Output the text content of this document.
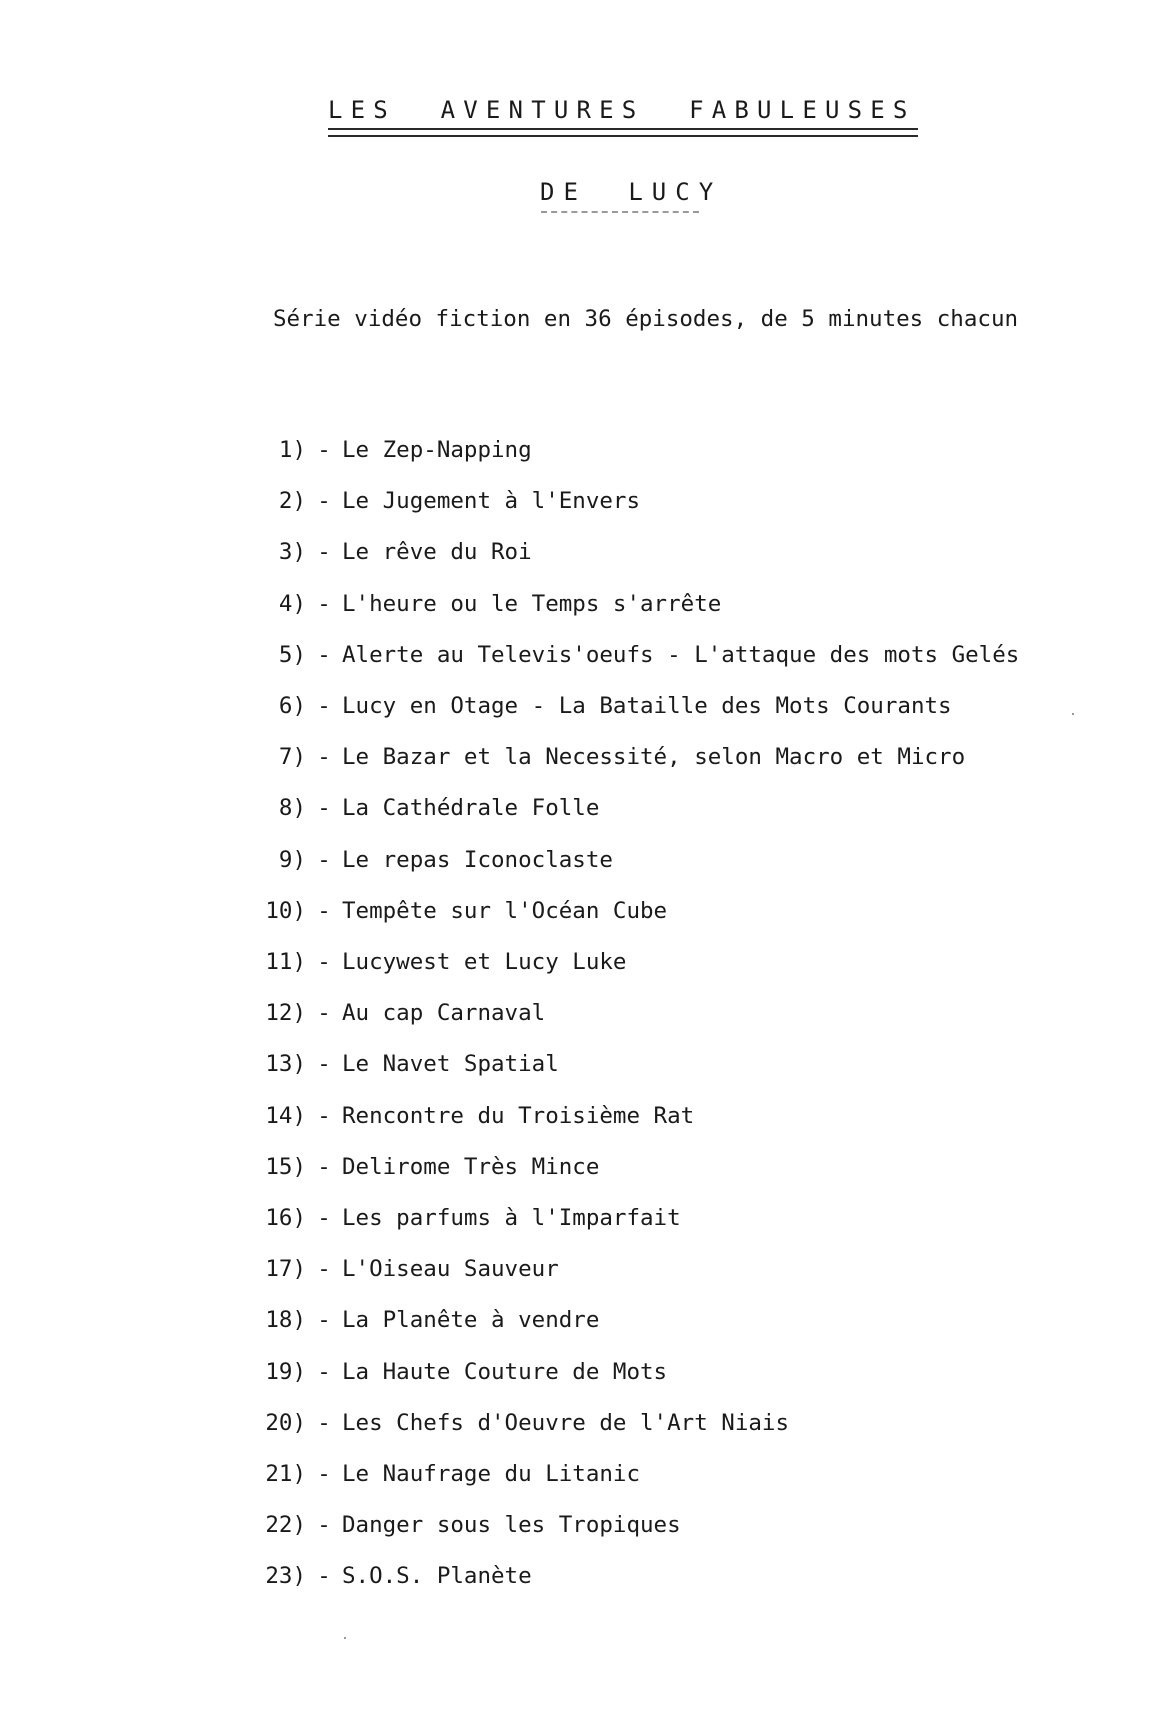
LES AVENTURES FABULEUSES
DE LUCY
Série vidéo fiction en 36 épisodes, de 5 minutes chacun
1) - Le Zep-Napping
2) - Le Jugement à l'Envers
3) - Le rêve du Roi
4) - L'heure ou le Temps s'arrête
5) - Alerte au Televis'oeufs - L'attaque des mots Gelés
6) - Lucy en Otage - La Bataille des Mots Courants
7) - Le Bazar et la Necessité, selon Macro et Micro
8) - La Cathédrale Folle
9) - Le repas Iconoclaste
10) - Tempête sur l'Océan Cube
11) - Lucywest et Lucy Luke
12) - Au cap Carnaval
13) - Le Navet Spatial
14) - Rencontre du Troisième Rat
15) - Delirome Très Mince
16) - Les parfums à l'Imparfait
17) - L'Oiseau Sauveur
18) - La Planête à vendre
19) - La Haute Couture de Mots
20) - Les Chefs d'Oeuvre de l'Art Niais
21) - Le Naufrage du Litanic
22) - Danger sous les Tropiques
23) - S.O.S. Planète
